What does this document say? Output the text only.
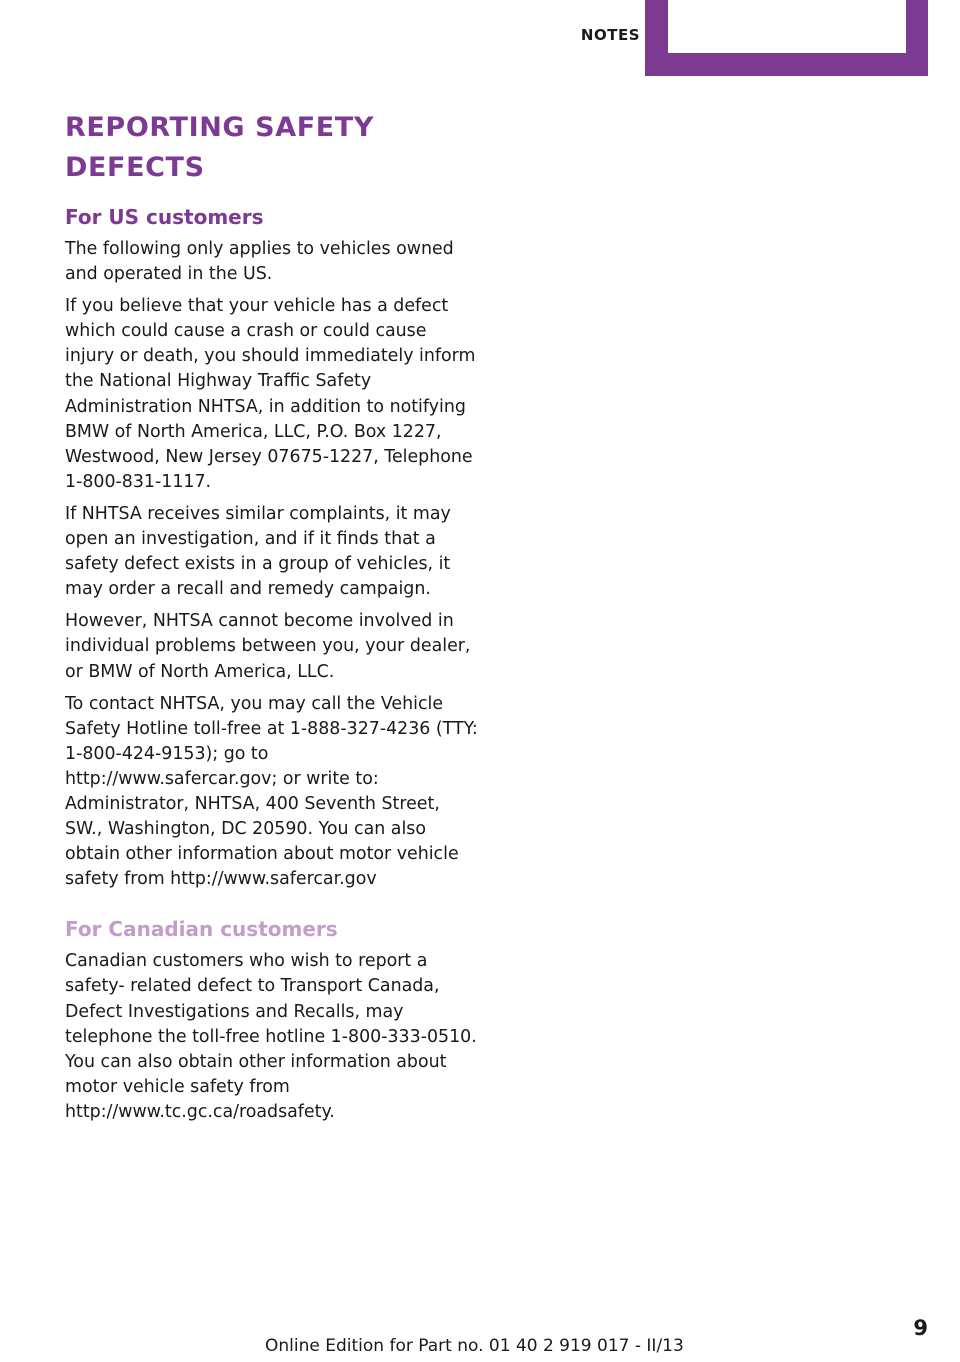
NOTES
REPORTING SAFETY DEFECTS
For US customers

The following only applies to vehicles owned and operated in the US.

If you believe that your vehicle has a defect which could cause a crash or could cause injury or death, you should immediately inform the National Highway Traffic Safety Administration NHTSA, in addition to notifying BMW of North America, LLC, P.O. Box 1227, Westwood, New Jersey 07675-1227, Telephone 1-800-831-1117.

If NHTSA receives similar complaints, it may open an investigation, and if it finds that a safety defect exists in a group of vehicles, it may order a recall and remedy campaign.

However, NHTSA cannot become involved in individual problems between you, your dealer, or BMW of North America, LLC.

To contact NHTSA, you may call the Vehicle Safety Hotline toll-free at 1-888-327-4236 (TTY: 1-800-424-9153); go to http://www.safercar.gov; or write to: Administrator, NHTSA, 400 Seventh Street, SW., Washington, DC 20590. You can also obtain other information about motor vehicle safety from http://www.safercar.gov

For Canadian customers

Canadian customers who wish to report a safety- related defect to Transport Canada, Defect Investigations and Recalls, may telephone the toll-free hotline 1-800-333-0510. You can also obtain other information about motor vehicle safety from http://www.tc.gc.ca/roadsafety.

Online Edition for Part no. 01 40 2 919 017 - II/13
9
